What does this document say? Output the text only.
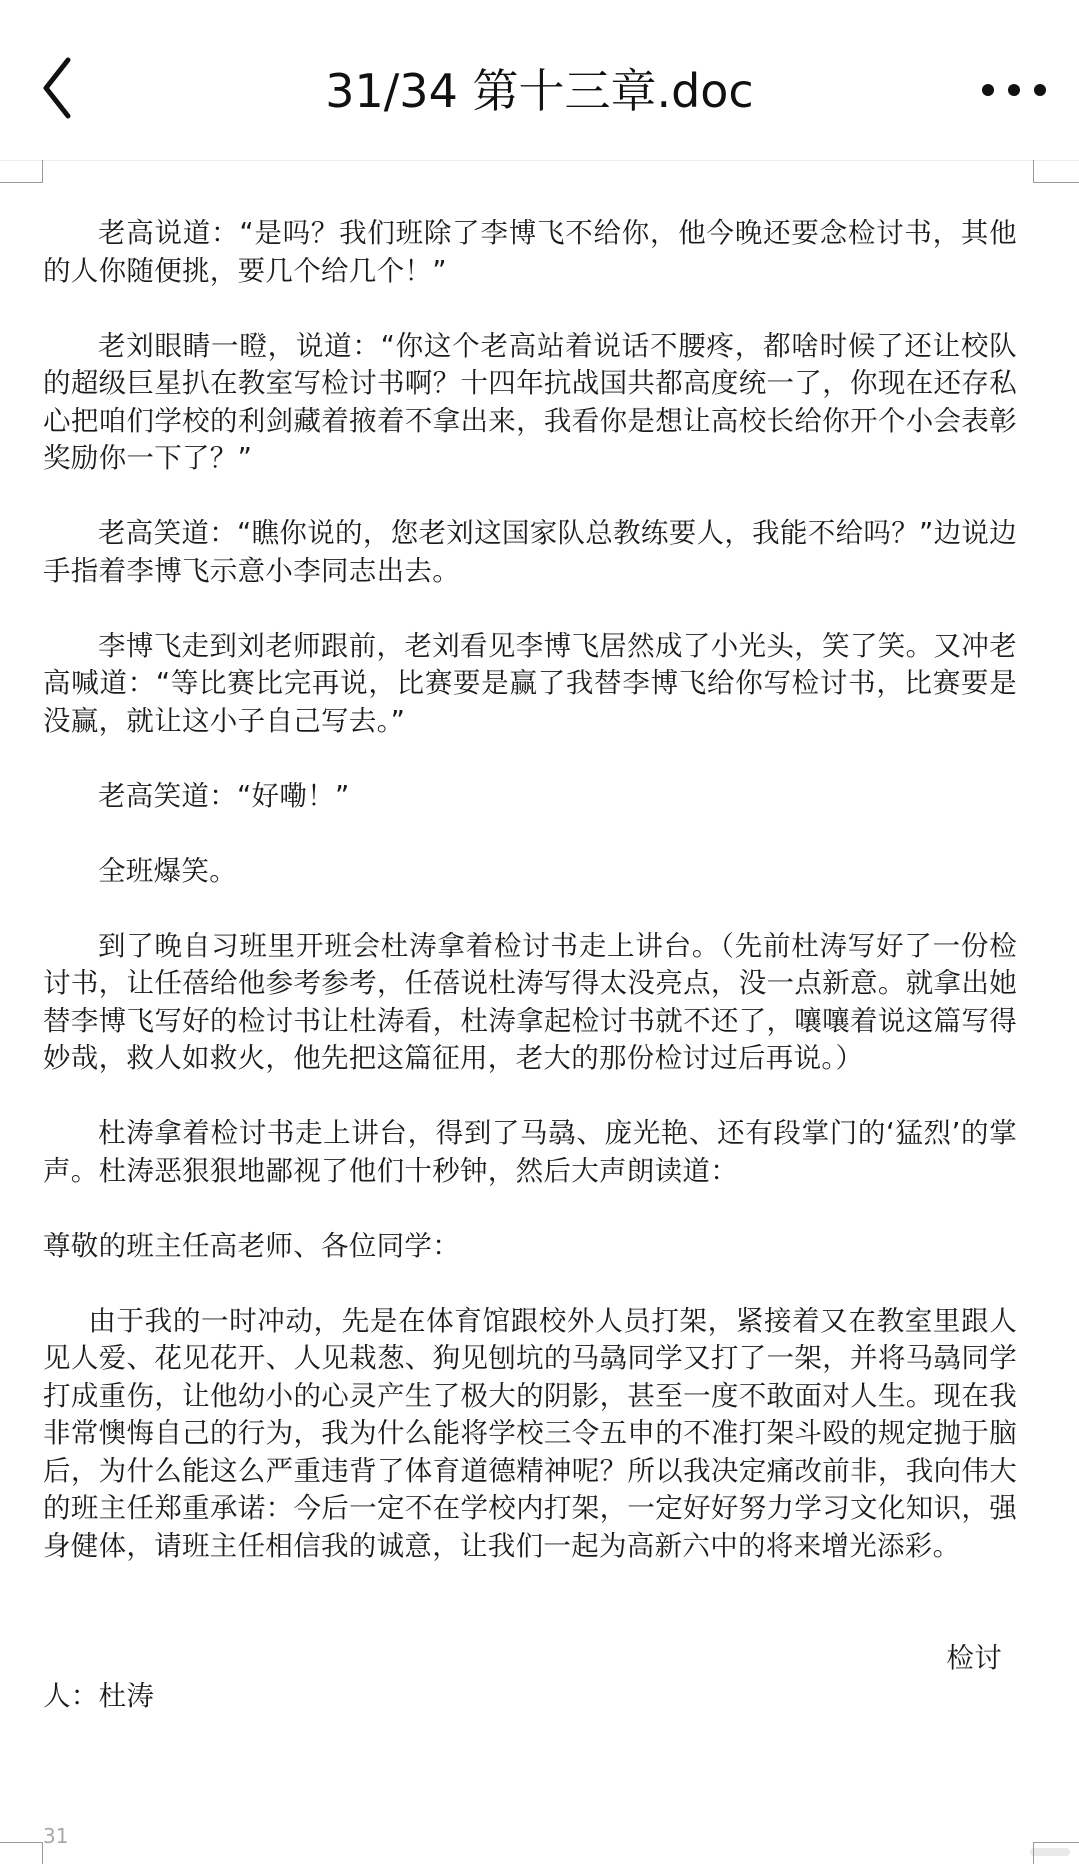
31/34 第十三章.doc

老高说道：“是吗？我们班除了李博飞不给你，他今晚还要念检讨书，其他的人你随便挑，要几个给几个！”

老刘眼睛一瞪，说道：“你这个老高站着说话不腰疼，都啥时候了还让校队的超级巨星扒在教室写检讨书啊？十四年抗战国共都高度统一了，你现在还存私心把咱们学校的利剑藏着掖着不拿出来，我看你是想让高校长给你开个小会表彰奖励你一下了？”

老高笑道：“瞧你说的，您老刘这国家队总教练要人，我能不给吗？”边说边手指着李博飞示意小李同志出去。

李博飞走到刘老师跟前，老刘看见李博飞居然成了小光头，笑了笑。又冲老高喊道：“等比赛比完再说，比赛要是赢了我替李博飞给你写检讨书，比赛要是没赢，就让这小子自己写去。”

老高笑道：“好嘞！”

全班爆笑。

到了晚自习班里开班会杜涛拿着检讨书走上讲台。（先前杜涛写好了一份检讨书，让任蓓给他参考参考，任蓓说杜涛写得太没亮点，没一点新意。就拿出她替李博飞写好的检讨书让杜涛看，杜涛拿起检讨书就不还了，嚷嚷着说这篇写得妙哉，救人如救火，他先把这篇征用，老大的那份检讨过后再说。）

杜涛拿着检讨书走上讲台，得到了马骉、庞光艳、还有段掌门的‘猛烈’的掌声。杜涛恶狠狠地鄙视了他们十秒钟，然后大声朗读道：

尊敬的班主任高老师、各位同学：

由于我的一时冲动，先是在体育馆跟校外人员打架，紧接着又在教室里跟人见人爱、花见花开、人见栽葱、狗见刨坑的马骉同学又打了一架，并将马骉同学打成重伤，让他幼小的心灵产生了极大的阴影，甚至一度不敢面对人生。现在我非常懊悔自己的行为，我为什么能将学校三令五申的不准打架斗殴的规定抛于脑后，为什么能这么严重违背了体育道德精神呢？所以我决定痛改前非，我向伟大的班主任郑重承诺：今后一定不在学校内打架，一定好好努力学习文化知识，强身健体，请班主任相信我的诚意，让我们一起为高新六中的将来增光添彩。

检讨
人：杜涛

31
